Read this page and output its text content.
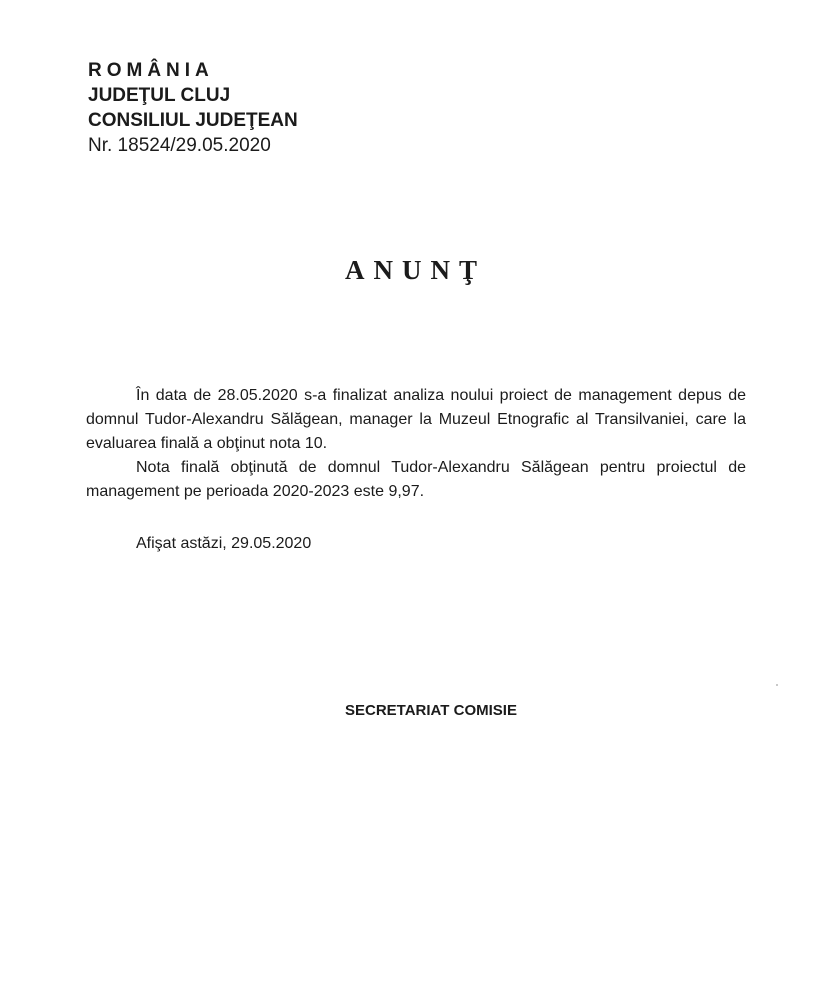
ROMÂNIA
JUDEŢUL CLUJ
CONSILIUL JUDEŢEAN
Nr. 18524/29.05.2020
ANUNŢ

În data de 28.05.2020 s-a finalizat analiza noului proiect de management depus de domnul Tudor-Alexandru Sălăgean, manager la Muzeul Etnografic al Transilvaniei, care la evaluarea finală a obţinut nota 10.

Nota finală obţinută de domnul Tudor-Alexandru Sălăgean pentru proiectul de management pe perioada 2020-2023 este 9,97.

Afişat astăzi, 29.05.2020
SECRETARIAT COMISIE
